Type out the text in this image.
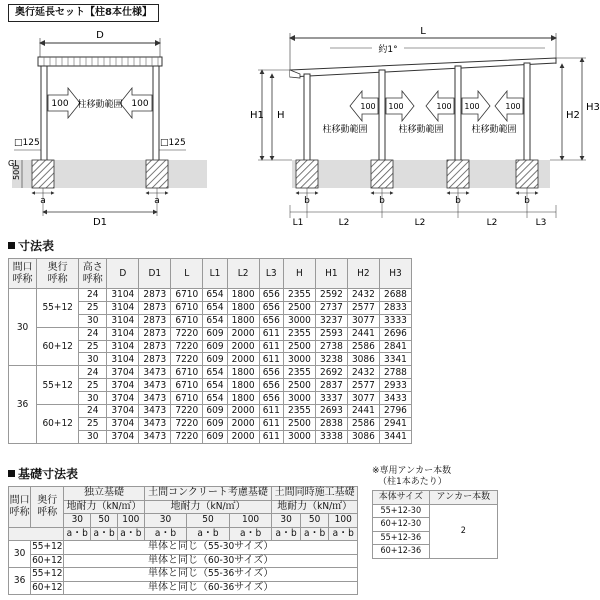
奥行延長セット【柱8本仕様】
D
100	100
柱移動範囲
□125	□125
GL
500
a	a
D1
L
約1°
100 100	100 100	100
柱移動範囲	柱移動範囲	柱移動範囲
H1 H	H2
H3
b	b	b	b
L1	L2	L2	L2	L3
寸法表
間口
呼称	奥行
呼称	高さ
呼称	D	D1	L	L1	L2	L3	H	H1	H2	H3
30	55+12	24	3104	2873	6710	654	1800	656	2355	2592	2432	2688
		25	3104	2873	6710	654	1800	656	2500	2737	2577	2833
		30	3104	2873	6710	654	1800	656	3000	3237	3077	3333
	60+12	24	3104	2873	7220	609	2000	611	2355	2593	2441	2696
		25	3104	2873	7220	609	2000	611	2500	2738	2586	2841
		30	3104	2873	7220	609	2000	611	3000	3238	3086	3341
36	55+12	24	3704	3473	6710	654	1800	656	2355	2692	2432	2788
		25	3704	3473	6710	654	1800	656	2500	2837	2577	2933
		30	3704	3473	6710	654	1800	656	3000	3337	3077	3433
	60+12	24	3704	3473	7220	609	2000	611	2355	2693	2441	2796
		25	3704	3473	7220	609	2000	611	2500	2838	2586	2941
		30	3704	3473	7220	609	2000	611	3000	3338	3086	3441
基礎寸法表
間口
呼称	奥行
呼称	独立基礎			土間コンクリート考慮基礎			土間同時施工基礎		
		地耐力（kN/㎡）			地耐力（kN/㎡）			地耐力（kN/㎡）		
		30	50	100	30	50	100	30	50	100
		a・b	a・b	a・b	a・b	a・b	a・b	a・b	a・b	a・b
30	55+12	単体と同じ（55-30サイズ）								
	60+12	単体と同じ（60-30サイズ）								
36	55+12	単体と同じ（55-36サイズ）								
	60+12	単体と同じ（60-36サイズ）								
※専用アンカー本数
（柱1本あたり）
本体サイズ	アンカー本数
55+12-30	2
60+12-30	
55+12-36	
60+12-36	
